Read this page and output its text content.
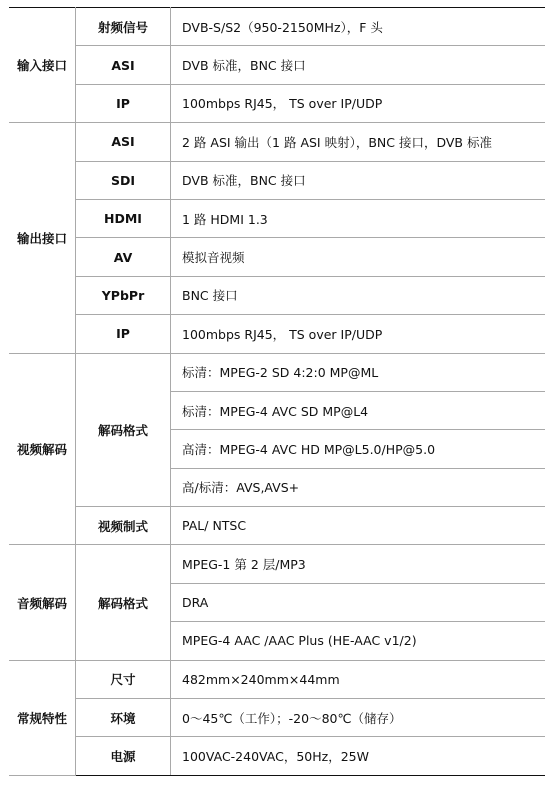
输入接口	射频信号	DVB-S/S2（950-2150MHz），F 头
	ASI	DVB 标准，BNC 接口
	IP	100mbps RJ45， TS over IP/UDP
输出接口	ASI	2 路 ASI 输出（1 路 ASI 映射），BNC 接口，DVB 标准
	SDI	DVB 标准，BNC 接口
	HDMI	1 路 HDMI 1.3
	AV	模拟音视频
	YPbPr	BNC 接口
	IP	100mbps RJ45， TS over IP/UDP
视频解码	解码格式	标清：MPEG-2 SD 4:2:0 MP@ML
		标清：MPEG-4 AVC SD MP@L4
		高清：MPEG-4 AVC HD MP@L5.0/HP@5.0
		高/标清：AVS,AVS+
	视频制式	PAL/ NTSC
音频解码	解码格式	MPEG-1 第 2 层/MP3
		DRA
		MPEG-4 AAC /AAC Plus (HE-AAC v1/2)
常规特性	尺寸	482mm×240mm×44mm
	环境	0～45℃（工作）；-20～80℃（储存）
	电源	100VAC-240VAC，50Hz，25W
